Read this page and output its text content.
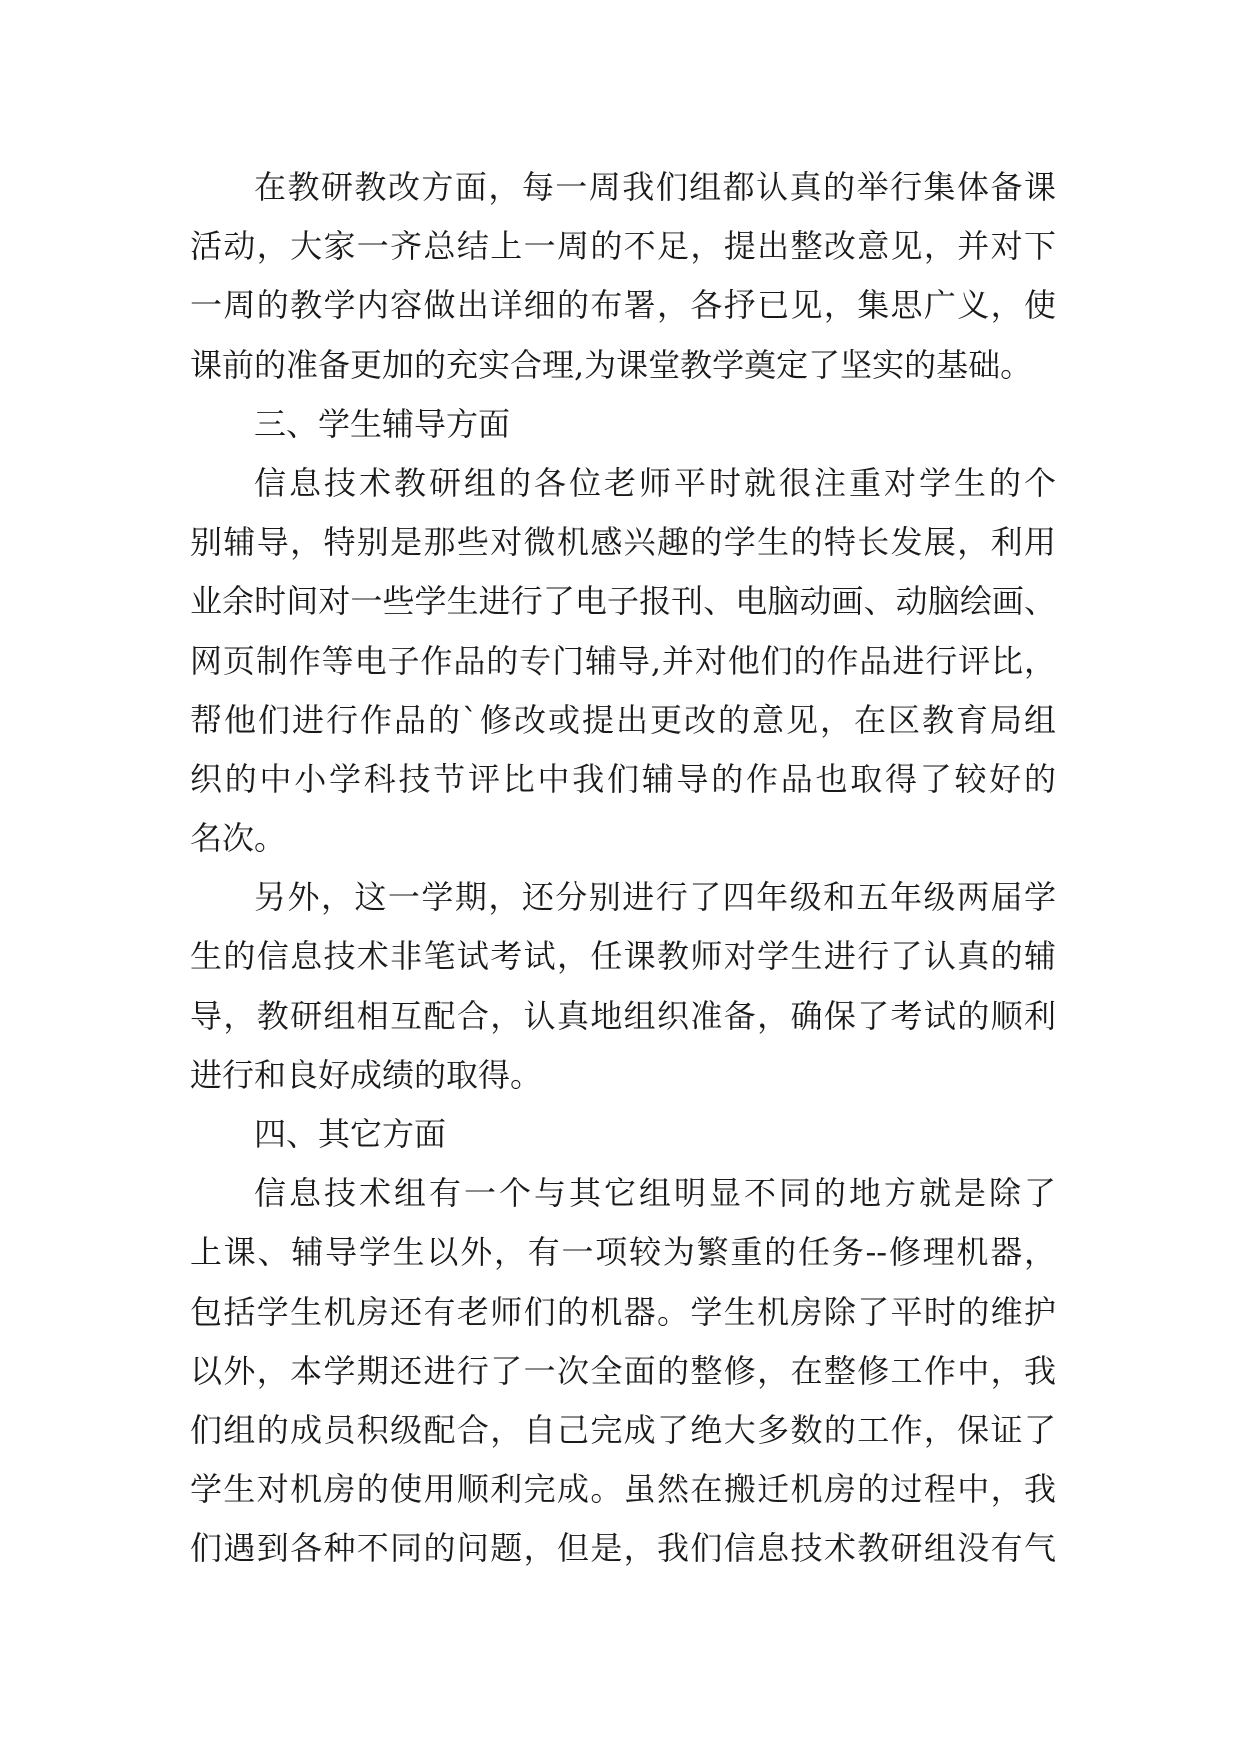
在教研教改方面，每一周我们组都认真的举行集体备课
活动，大家一齐总结上一周的不足，提出整改意见，并对下
一周的教学内容做出详细的布署，各抒已见，集思广义，使
课前的准备更加的充实合理,为课堂教学奠定了坚实的基础。
三、学生辅导方面
信息技术教研组的各位老师平时就很注重对学生的个
别辅导，特别是那些对微机感兴趣的学生的特长发展，利用
业余时间对一些学生进行了电子报刊、电脑动画、动脑绘画、
网页制作等电子作品的专门辅导,并对他们的作品进行评比，
帮他们进行作品的`修改或提出更改的意见，在区教育局组
织的中小学科技节评比中我们辅导的作品也取得了较好的
名次。
另外，这一学期，还分别进行了四年级和五年级两届学
生的信息技术非笔试考试，任课教师对学生进行了认真的辅
导，教研组相互配合，认真地组织准备，确保了考试的顺利
进行和良好成绩的取得。
四、其它方面
信息技术组有一个与其它组明显不同的地方就是除了
上课、辅导学生以外，有一项较为繁重的任务--修理机器，
包括学生机房还有老师们的机器。学生机房除了平时的维护
以外，本学期还进行了一次全面的整修，在整修工作中，我
们组的成员积级配合，自己完成了绝大多数的工作，保证了
学生对机房的使用顺利完成。虽然在搬迁机房的过程中，我
们遇到各种不同的问题，但是，我们信息技术教研组没有气
